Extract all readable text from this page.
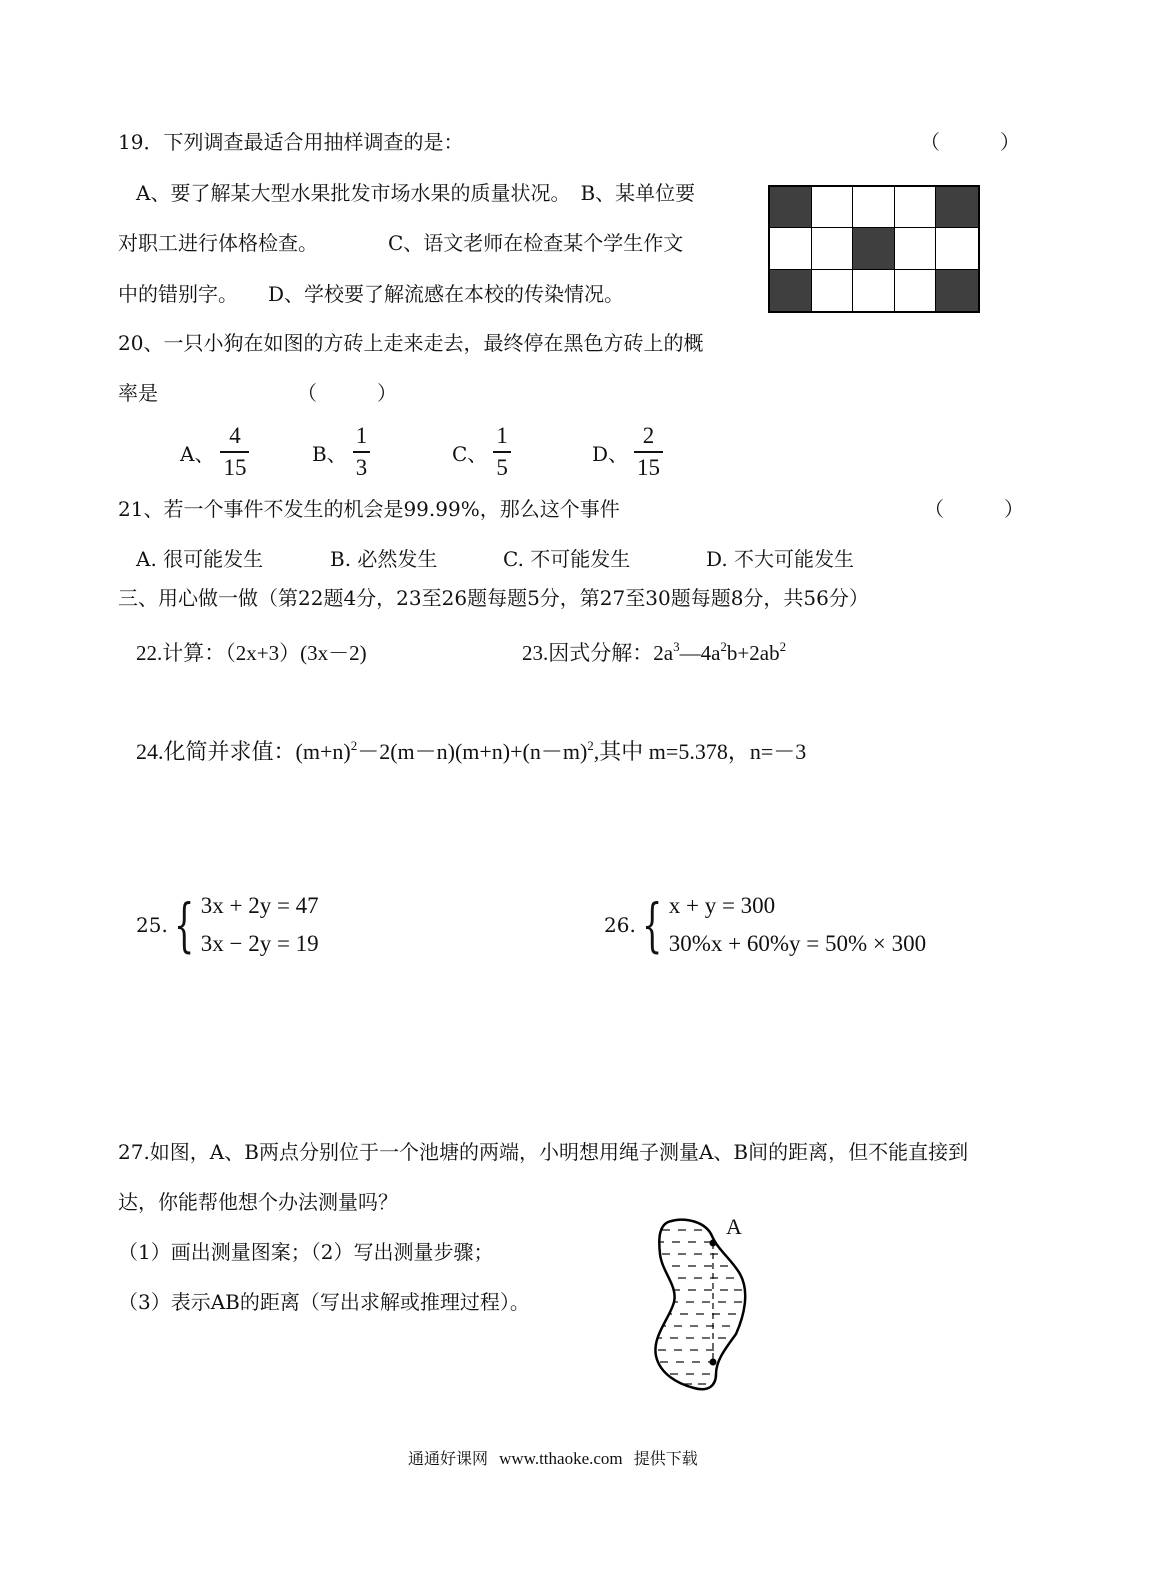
19．下列调查最适合用抽样调查的是：	（　　　）
A、要了解某大型水果批发市场水果的质量状况。　B、某单位要
对职工进行体格检查。　　　　C、语文老师在检查某个学生作文
中的错别字。　　D、学校要了解流感在本校的传染情况。
20、一只小狗在如图的方砖上走来走去，最终停在黑色方砖上的概
率是	（　　　）
A、 $\frac{4}{15}$	B、 $\frac{1}{3}$	C、 $\frac{1}{5}$	D、 $\frac{2}{15}$
21、若一个事件不发生的机会是99.99%，那么这个事件	（　　　）
A. 很可能发生	B. 必然发生	C. 不可能发生	D. 不大可能发生
三、用心做一做（第22题4分，23至26题每题5分，第27至30题每题8分，共56分）
22.计算：（2x+3）(3x－2)	23.因式分解：$2a^3—4a^2b+2ab^2$
24.化简并求值：$(m+n)^2-2(m-n)(m+n)+(n-m)^2$,其中 m=5.378，n=－3
25. { 3x + 2y = 47
3x − 2y = 19
26. { x + y = 300
30%x + 60%y = 50% × 300
27.如图，A、B两点分别位于一个池塘的两端，小明想用绳子测量A、B间的距离，但不能直接到
达，你能帮他想个办法测量吗？
（1）画出测量图案；（2）写出测量步骤；
（3）表示AB的距离（写出求解或推理过程）。
A
通通好课网 www.tthaoke.com 提供下载
